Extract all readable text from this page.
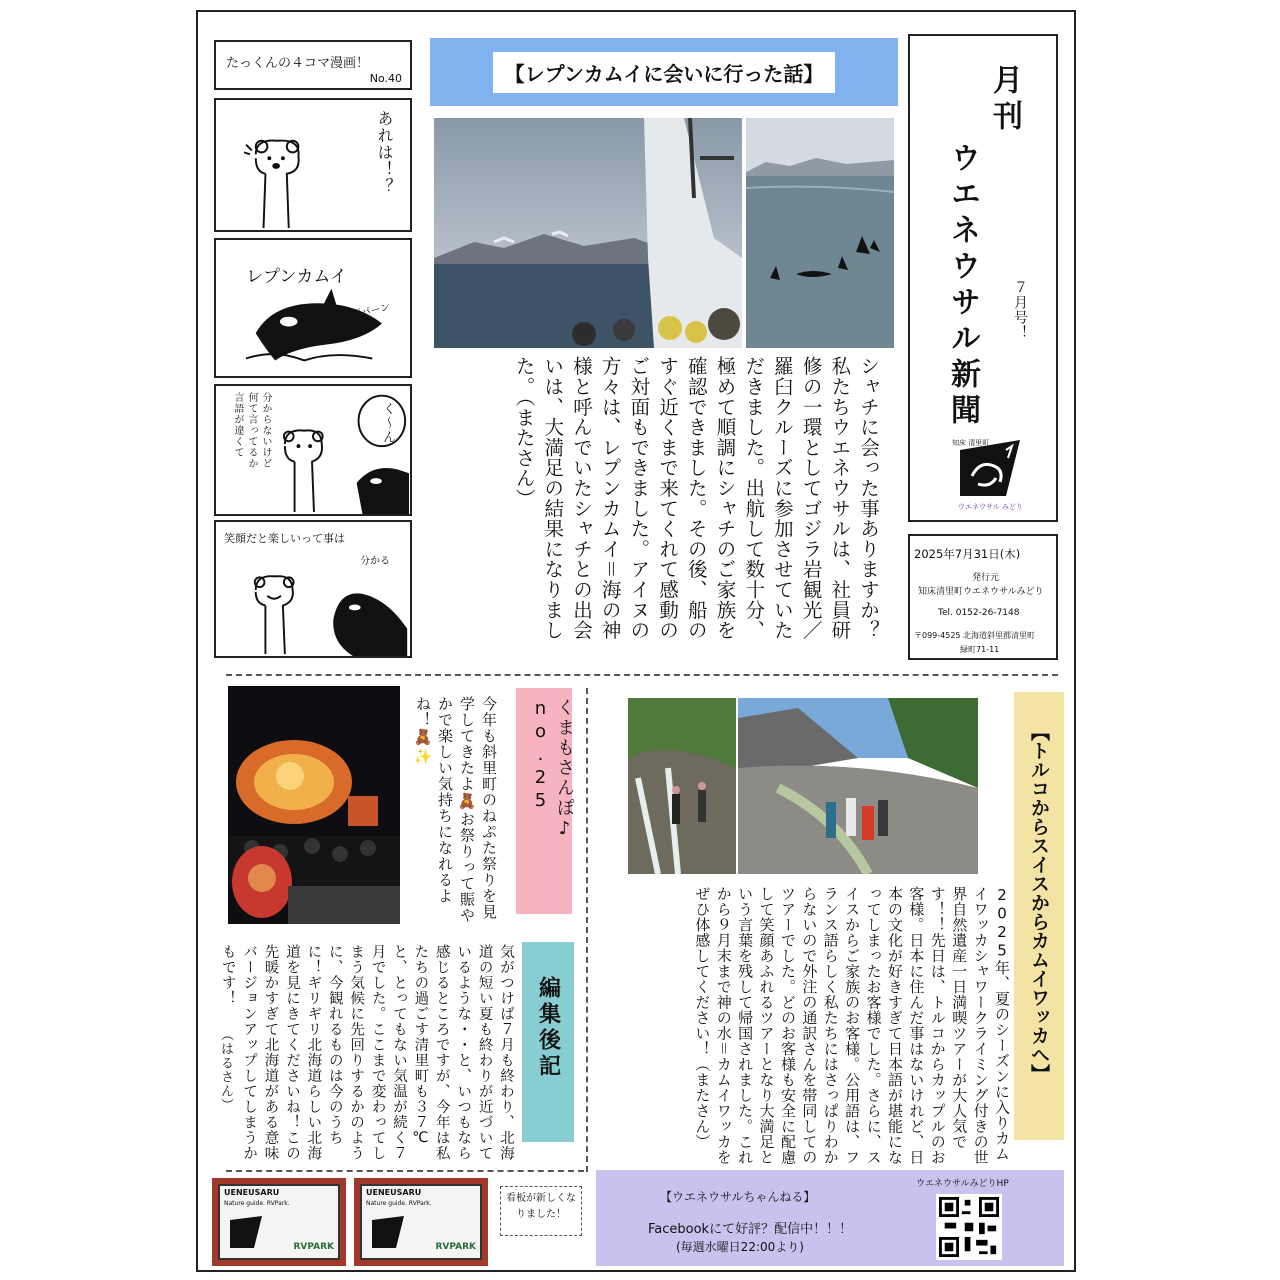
たっくんの４コマ漫画！
No.40
あれは！？
レプンカムイ
ザパーン
言語が違くて 何て言ってるか 分からないけど	く〜ん
笑顔だと楽しいって事は
分かる
【レプンカムイに会いに行った話】
シャチに会った事ありますか？私たちウエネウサルは、社員研修の一環としてゴジラ岩観光／羅臼クルーズに参加させていただきました。出航して数十分、極めて順調にシャチのご家族を確認できました。その後、船のすぐ近くまで来てくれて感動のご対面もできました。アイヌの方々は、レプンカムイ＝海の神様と呼んでいたシャチとの出会いは、大満足の結果になりました。（またさん）
月刊
ウエネウサル新聞 ７月号！
知床 清里町
ウエネウサル みどり
2025年7月31日(木)
発行元
知床清里町ウエネウサルみどり
Tel. 0152-26-7148
〒099-4525 北海道斜里郡清里町
緑町71-11
今年も斜里町のねぷた祭りを見学してきたよ🧸お祭りって賑やかで楽しい気持ちになれるよね！🧸✨	くまもさんぽ♪ no.25
編集後記
気がつけば７月も終わり、北海道の短い夏も終わりが近づいているような・・と、いつもなら感じるところですが、今年は私たちの過ごす清里町も３７℃と、とってもない気温が続く７月でした。ここまで変わってしまう気候に先回りするかのように、今観れるものは今のうちに！ギリギリ北海道らしい北海道を見にきてくださいね！この先暖かすぎて北海道がある意味バージョンアップしてしまうかもです！
（はるさん）
UENEUSARU
Nature guide. RVPark.
RVPARK
UENEUSARU
Nature guide. RVPark.
RVPARK
看板が新しくなりました！
【トルコからスイスからカムイワッカへ】
2025年、夏のシーズンに入りカムイワッカシャワークライミング付きの世界自然遺産一日満喫ツアーが大人気です！！先日は、トルコからカップルのお客様。日本に住んだ事はないけれど、日本の文化が好きすぎて日本語が堪能になってしまったお客様でした。さらに、スイスからご家族のお客様。公用語は、フランス語らしく私たちにはさっぱりわからないので外注の通訳さんを帯同してのツアーでした。どのお客様も安全に配慮して笑顔あふれるツアーとなり大満足という言葉を残して帰国されました。これから９月末まで神の水＝カムイワッカをぜひ体感してください！（またさん）
【ウエネウサルちゃんねる】
Facebookにて好評？配信中！！！
(毎週水曜日22:00より)
ウエネウサルみどりHP
